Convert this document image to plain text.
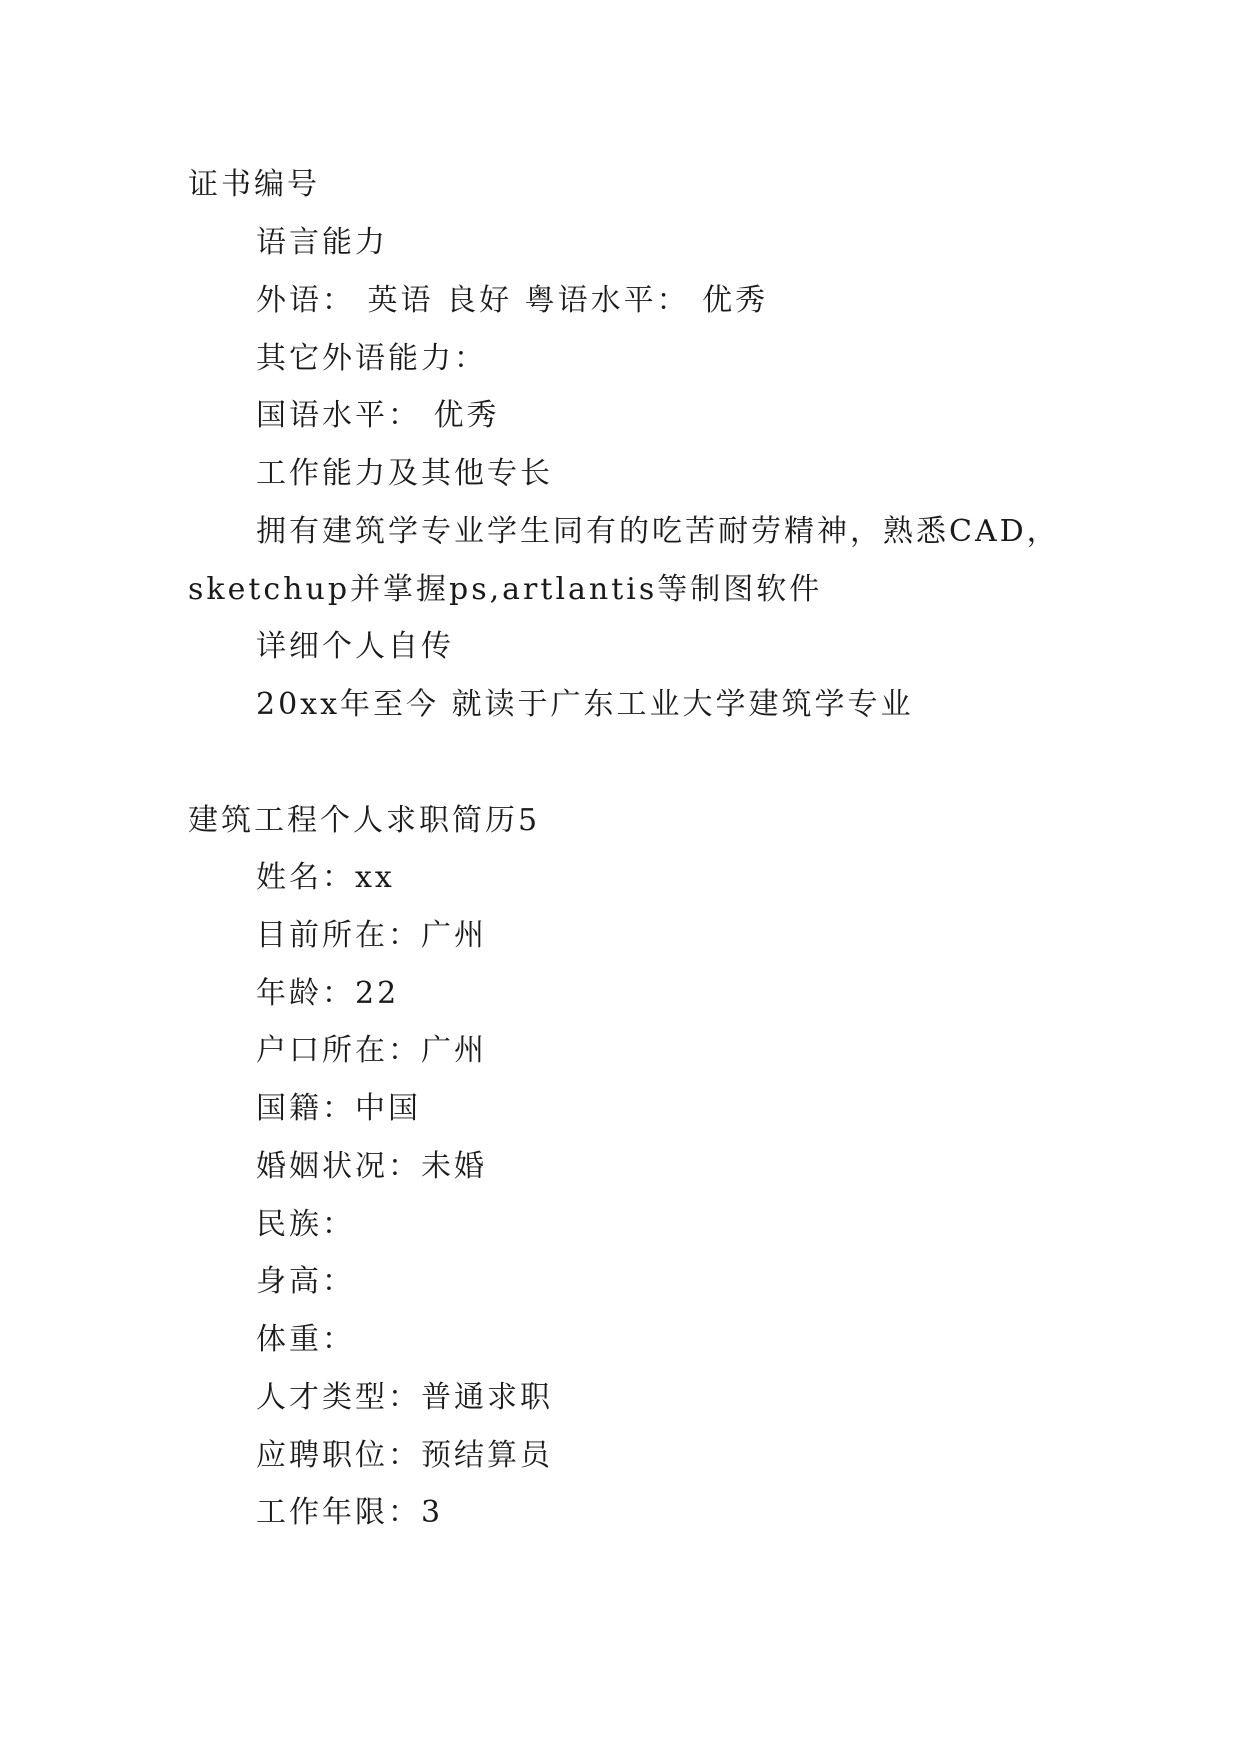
证书编号
语言能力
外语： 英语 良好 粤语水平： 优秀
其它外语能力：
国语水平： 优秀
工作能力及其他专长
拥有建筑学专业学生同有的吃苦耐劳精神，熟悉CAD，
sketchup并掌握ps,artlantis等制图软件
详细个人自传
20xx年至今 就读于广东工业大学建筑学专业
建筑工程个人求职简历5
姓名：xx
目前所在：广州
年龄：22
户口所在：广州
国籍：中国
婚姻状况：未婚
民族：
身高：
体重：
人才类型：普通求职
应聘职位：预结算员
工作年限：3
